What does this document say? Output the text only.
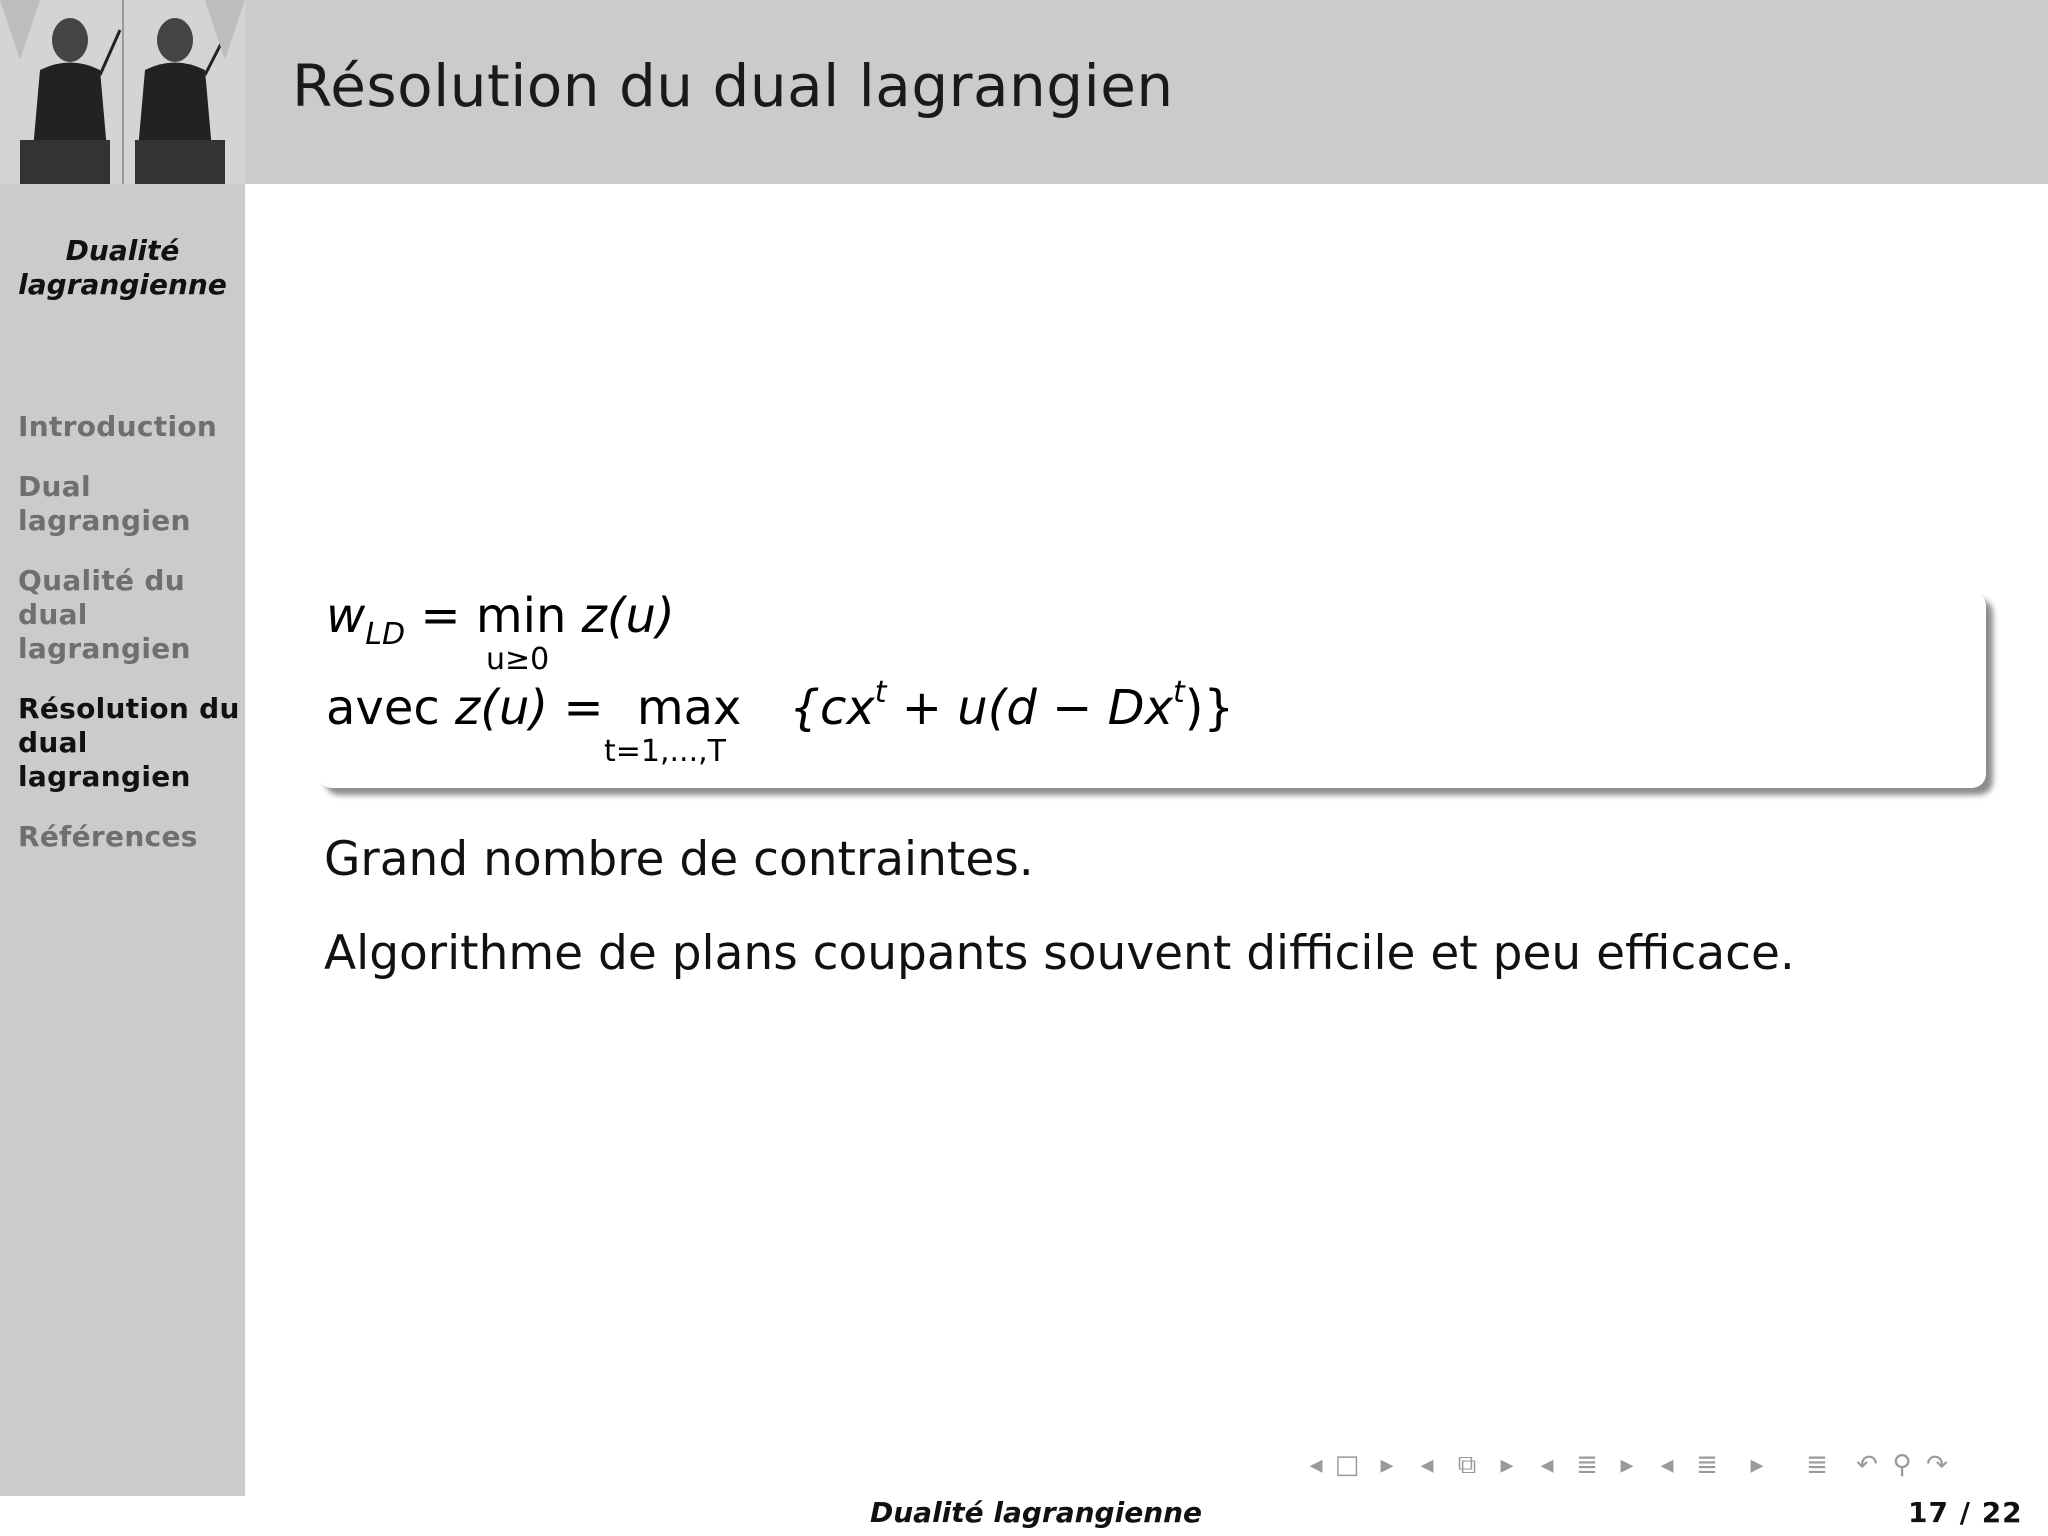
Résolution du dual lagrangien
Dualité
lagrangienne
Introduction
Dual
lagrangien
Qualité du
dual
lagrangien
Résolution du
dual
lagrangien
Références
$w_{LD} = \min z(u)$
u≥0
avec $z(u) = \max \{cx^t + u(d - Dx^t)\}$
t=1,...,T
Grand nombre de contraintes.
Algorithme de plans coupants souvent difficile et peu efficace.
◂ □ ▸	◂ ⧉ ▸	◂ ≣ ▸	◂ ≣	▸	≣	↶ ⚲ ↷
Dualité lagrangienne	17 / 22
